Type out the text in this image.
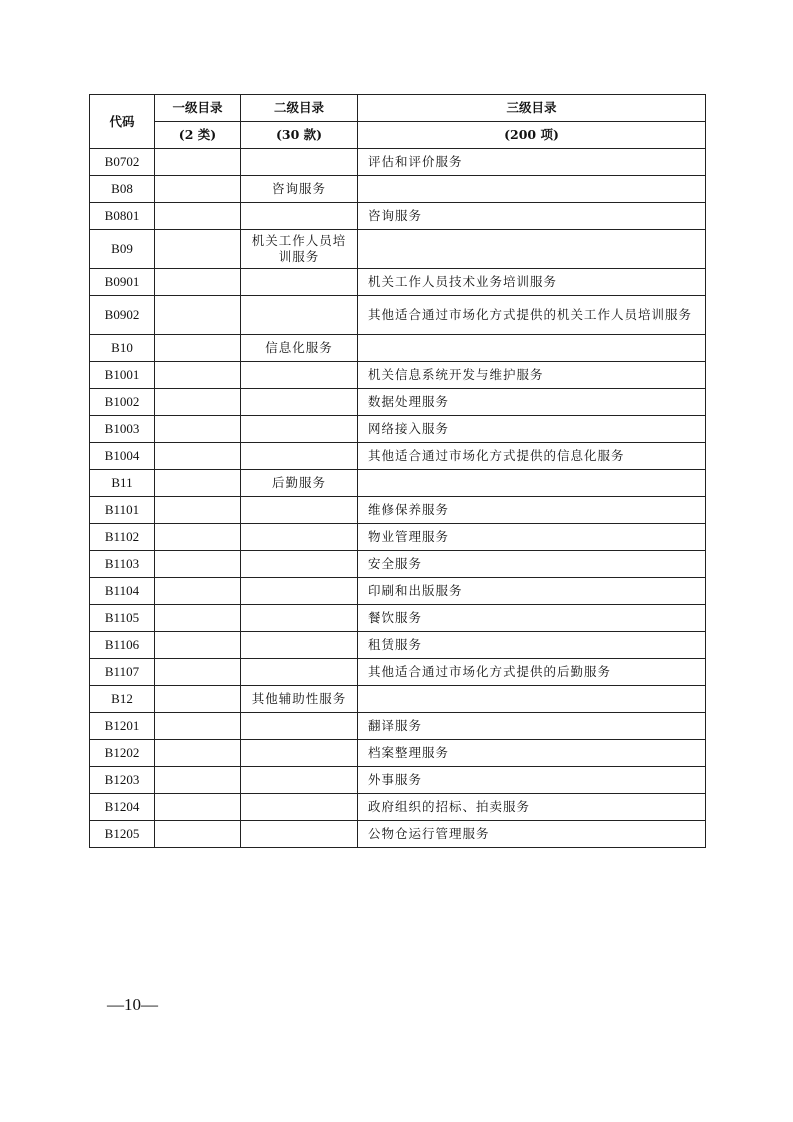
代码	一级目录	二级目录	三级目录
	(2 类)	(30 款)	(200 项)
B0702			评估和评价服务
B08		咨询服务	
B0801			咨询服务
B09		机关工作人员培训服务	
B0901			机关工作人员技术业务培训服务
B0902			其他适合通过市场化方式提供的机关工作人员培训服务
B10		信息化服务	
B1001			机关信息系统开发与维护服务
B1002			数据处理服务
B1003			网络接入服务
B1004			其他适合通过市场化方式提供的信息化服务
B11		后勤服务	
B1101			维修保养服务
B1102			物业管理服务
B1103			安全服务
B1104			印刷和出版服务
B1105			餐饮服务
B1106			租赁服务
B1107			其他适合通过市场化方式提供的后勤服务
B12		其他辅助性服务	
B1201			翻译服务
B1202			档案整理服务
B1203			外事服务
B1204			政府组织的招标、拍卖服务
B1205			公物仓运行管理服务
—10—
